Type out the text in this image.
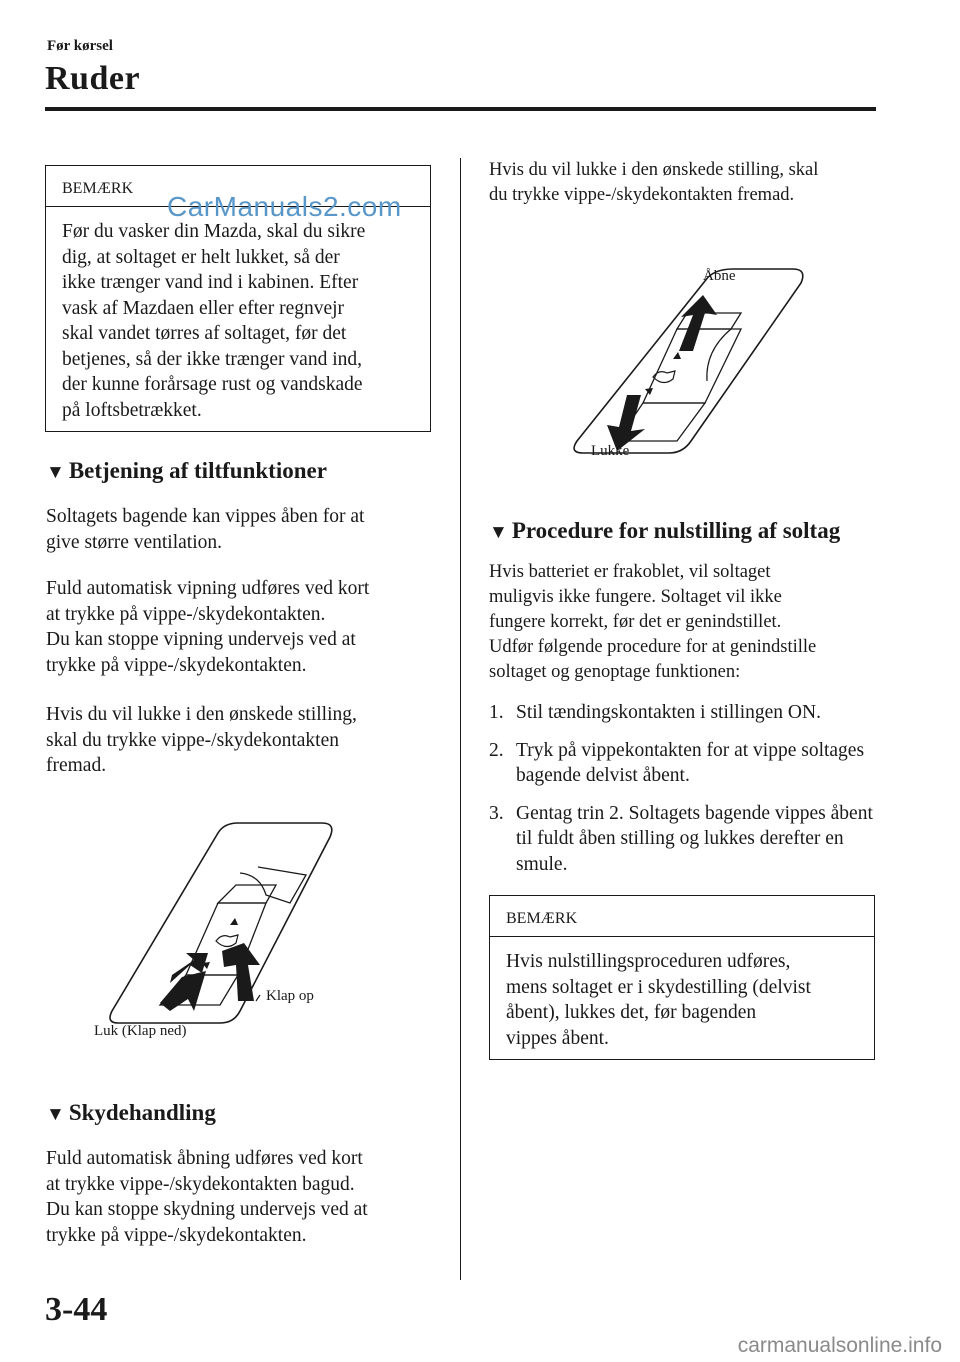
Før kørsel
Ruder
BEMÆRK
Før du vasker din Mazda, skal du sikre
dig, at soltaget er helt lukket, så der
ikke trænger vand ind i kabinen. Efter
vask af Mazdaen eller efter regnvejr
skal vandet tørres af soltaget, før det
betjenes, så der ikke trænger vand ind,
der kunne forårsage rust og vandskade
på loftsbetrækket.
CarManuals2.com
▼ Betjening af tiltfunktioner
Soltagets bagende kan vippes åben for at
give større ventilation.
Fuld automatisk vipning udføres ved kort
at trykke på vippe-/skydekontakten.
Du kan stoppe vipning undervejs ved at
trykke på vippe-/skydekontakten.
Hvis du vil lukke i den ønskede stilling,
skal du trykke vippe-/skydekontakten
fremad.
Klap op
Luk (Klap ned)
▼ Skydehandling
Fuld automatisk åbning udføres ved kort
at trykke vippe-/skydekontakten bagud.
Du kan stoppe skydning undervejs ved at
trykke på vippe-/skydekontakten.
Hvis du vil lukke i den ønskede stilling, skal
du trykke vippe-/skydekontakten fremad.
Åbne
Lukke
▼ Procedure for nulstilling af soltag
Hvis batteriet er frakoblet, vil soltaget
muligvis ikke fungere. Soltaget vil ikke
fungere korrekt, før det er genindstillet.
Udfør følgende procedure for at genindstille
soltaget og genoptage funktionen:
1. Stil tændingskontakten i stillingen ON.
2. Tryk på vippekontakten for at vippe soltages bagende delvist åbent.
3. Gentag trin 2. Soltagets bagende vippes åbent til fuldt åben stilling og lukkes derefter en smule.
BEMÆRK
Hvis nulstillingsproceduren udføres,
mens soltaget er i skydestilling (delvist
åbent), lukkes det, før bagenden
vippes åbent.
3-44
carmanualsonline.info
